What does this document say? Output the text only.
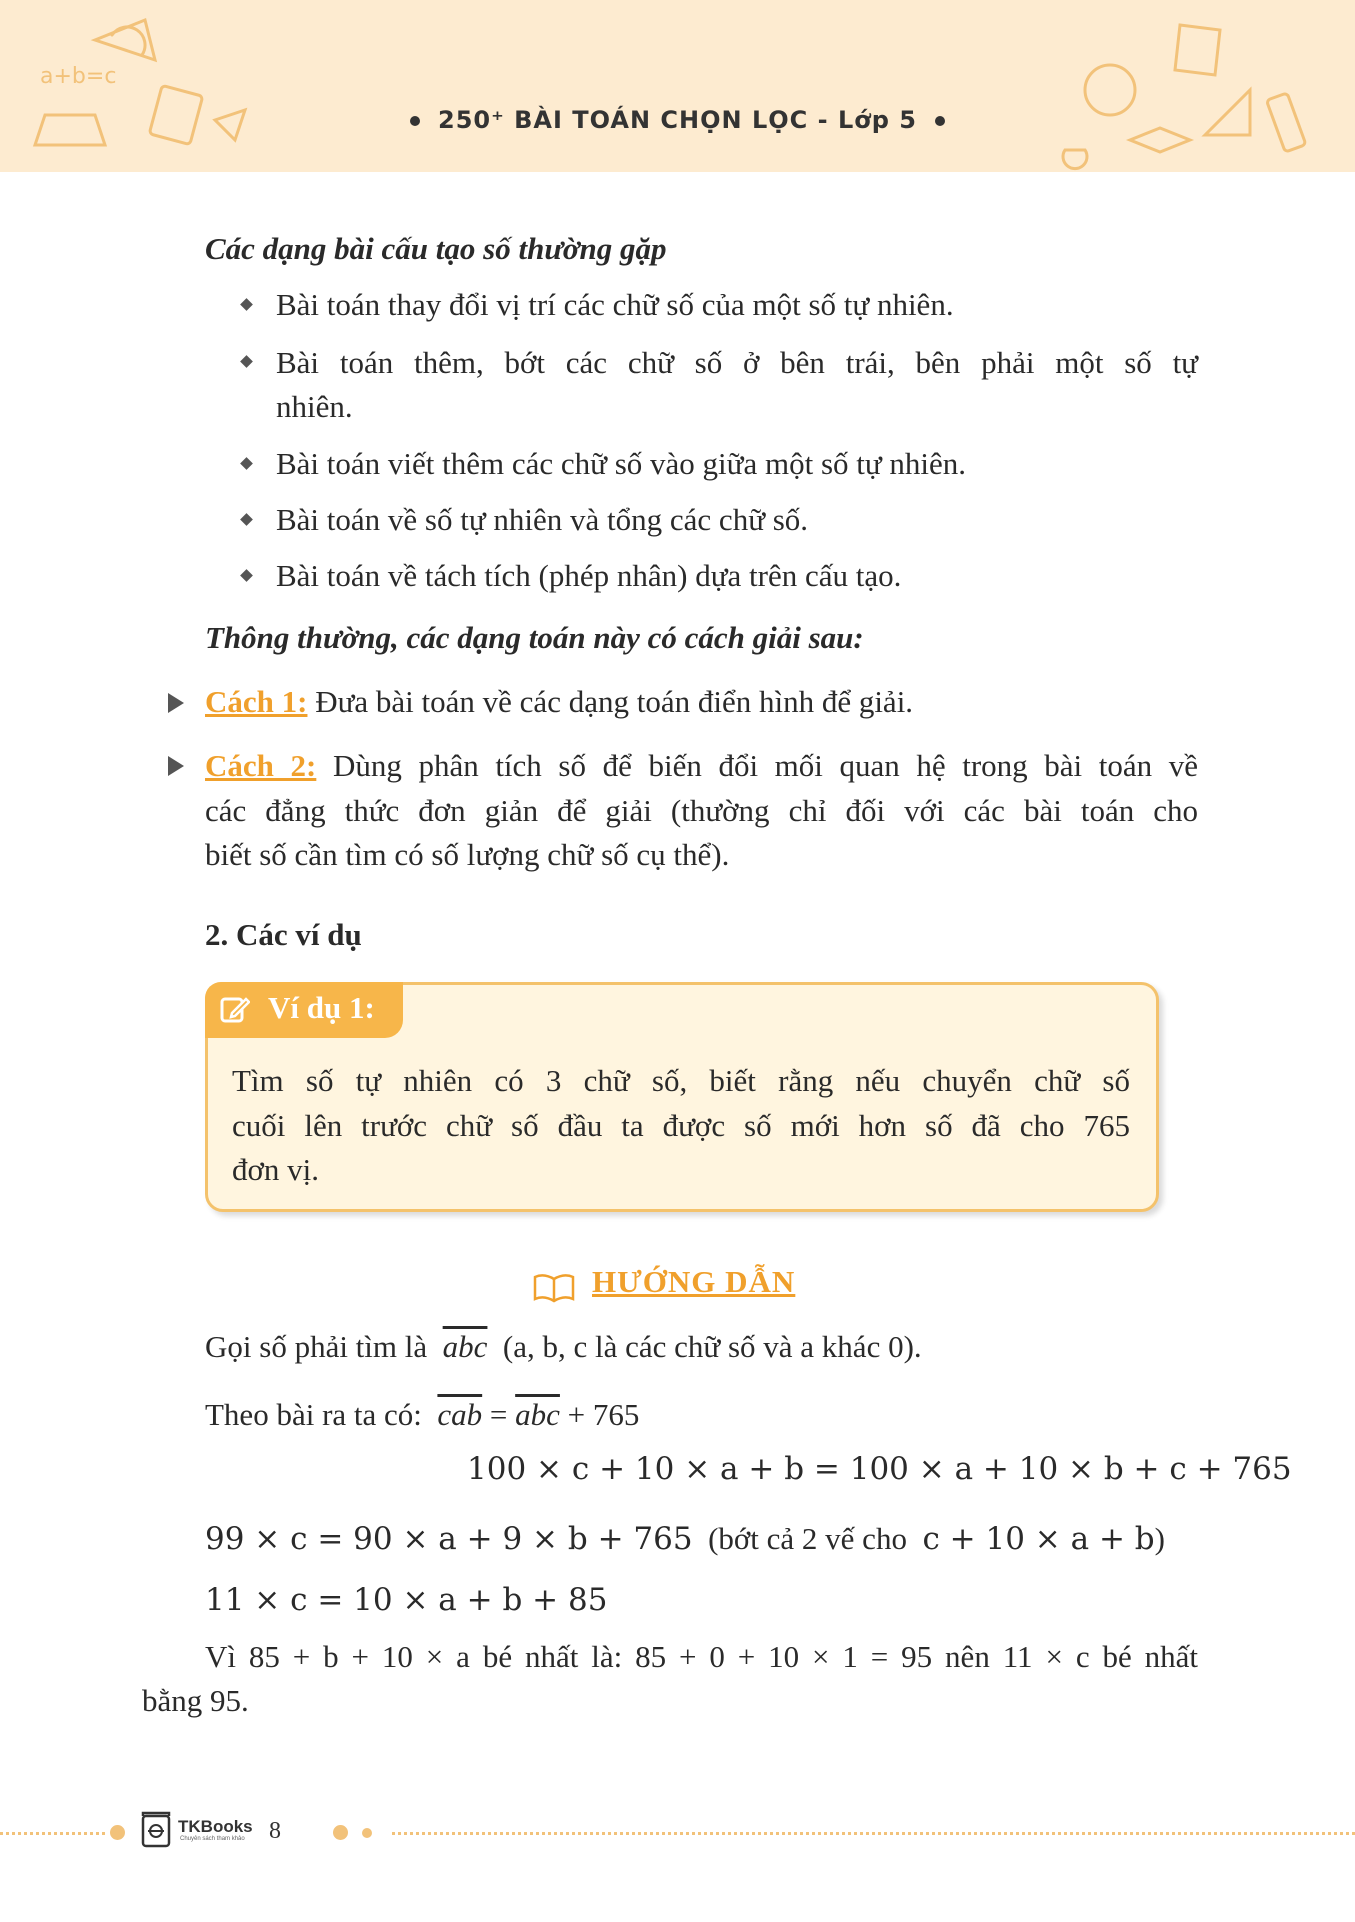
a+b=c
250⁺ BÀI TOÁN CHỌN LỌC - Lớp 5
Các dạng bài cấu tạo số thường gặp
Bài toán thay đổi vị trí các chữ số của một số tự nhiên.
Bài toán thêm, bớt các chữ số ở bên trái, bên phải một số tự
nhiên.
Bài toán viết thêm các chữ số vào giữa một số tự nhiên.
Bài toán về số tự nhiên và tổng các chữ số.
Bài toán về tách tích (phép nhân) dựa trên cấu tạo.
Thông thường, các dạng toán này có cách giải sau:
Cách 1: Đưa bài toán về các dạng toán điển hình để giải.
Cách 2: Dùng phân tích số để biến đổi mối quan hệ trong bài toán về
các đẳng thức đơn giản để giải (thường chỉ đối với các bài toán cho
biết số cần tìm có số lượng chữ số cụ thể).
2. Các ví dụ
Ví dụ 1:
Tìm số tự nhiên có 3 chữ số, biết rằng nếu chuyển chữ số
cuối lên trước chữ số đầu ta được số mới hơn số đã cho 765
đơn vị.
HƯỚNG DẪN
Gọi số phải tìm là $\overline{abc}$ (a, b, c là các chữ số và a khác 0).
Theo bài ra ta có: $\overline{cab} = \overline{abc} + 765$
100 × c + 10 × a + b = 100 × a + 10 × b + c + 765
99 × c = 90 × a + 9 × b + 765 (bớt cả 2 vế cho c + 10 × a + b)
11 × c = 10 × a + b + 85
Vì 85 + b + 10 × a bé nhất là: 85 + 0 + 10 × 1 = 95 nên 11 × c bé nhất
bằng 95.
TKBooks
Chuyên sách tham khảo 8
